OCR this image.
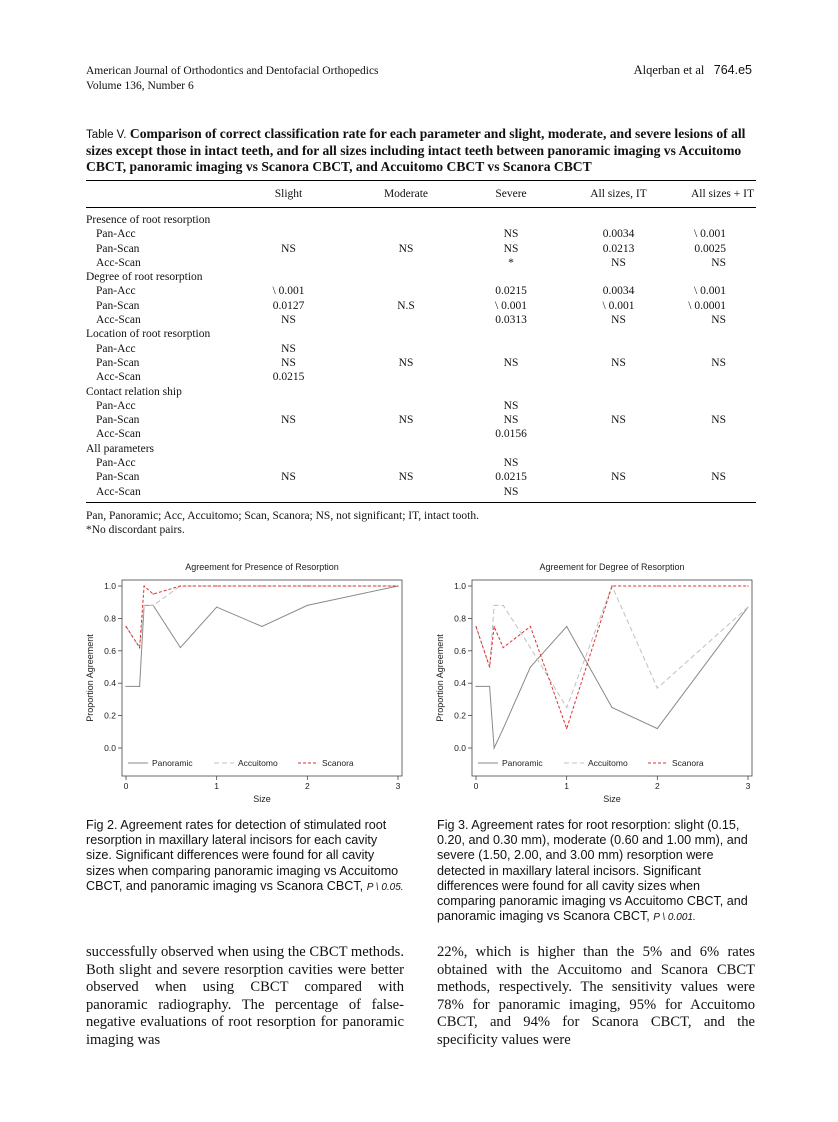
American Journal of Orthodontics and Dentofacial Orthopedics
Volume 136, Number 6
Alqerban et al 764.e5
Table V. Comparison of correct classification rate for each parameter and slight, moderate, and severe lesions of all sizes except those in intact teeth, and for all sizes including intact teeth between panoramic imaging vs Accuitomo CBCT, panoramic imaging vs Scanora CBCT, and Accuitomo CBCT vs Scanora CBCT
	Slight	Moderate	Severe	All sizes, IT	All sizes + IT
Presence of root resorption					
Pan-Acc			NS	0.0034	\ 0.001
Pan-Scan	NS	NS	NS	0.0213	0.0025
Acc-Scan			*	NS	NS
Degree of root resorption					
Pan-Acc	\ 0.001		0.0215	0.0034	\ 0.001
Pan-Scan	0.0127	N.S	\ 0.001	\ 0.001	\ 0.0001
Acc-Scan	NS		0.0313	NS	NS
Location of root resorption					
Pan-Acc	NS				
Pan-Scan	NS	NS	NS	NS	NS
Acc-Scan	0.0215				
Contact relation ship					
Pan-Acc			NS		
Pan-Scan	NS	NS	NS	NS	NS
Acc-Scan			0.0156		
All parameters					
Pan-Acc			NS		
Pan-Scan	NS	NS	0.0215	NS	NS
Acc-Scan			NS		
Pan, Panoramic; Acc, Accuitomo; Scan, Scanora; NS, not significant; IT, intact tooth.
*No discordant pairs.
Agreement for Presence of Resorption
0.0
0.2
0.4
0.6
0.8
1.0
Proportion Agreement
0	1	2	3
Size
Panoramic	Accuitomo	Scanora
Agreement for Degree of Resorption
0.0
0.2
0.4
0.6
0.8
1.0
Proportion Agreement
0	1	2	3
Size
Panoramic	Accuitomo	Scanora
Fig 2. Agreement rates for detection of stimulated root resorption in maxillary lateral incisors for each cavity size. Significant differences were found for all cavity sizes when comparing panoramic imaging vs Accuitomo CBCT, and panoramic imaging vs Scanora CBCT, P \ 0.05.
Fig 3. Agreement rates for root resorption: slight (0.15, 0.20, and 0.30 mm), moderate (0.60 and 1.00 mm), and severe (1.50, 2.00, and 3.00 mm) resorption were detected in maxillary lateral incisors. Significant differences were found for all cavity sizes when comparing panoramic imaging vs Accuitomo CBCT, and panoramic imaging vs Scanora CBCT, P \ 0.001.

successfully observed when using the CBCT methods. Both slight and severe resorption cavities were better observed when using CBCT compared with panoramic radiography. The percentage of false-negative evaluations of root resorption for panoramic imaging was

22%, which is higher than the 5% and 6% rates obtained with the Accuitomo and Scanora CBCT methods, respectively. The sensitivity values were 78% for panoramic imaging, 95% for Accuitomo CBCT, and 94% for Scanora CBCT, and the specificity values were
